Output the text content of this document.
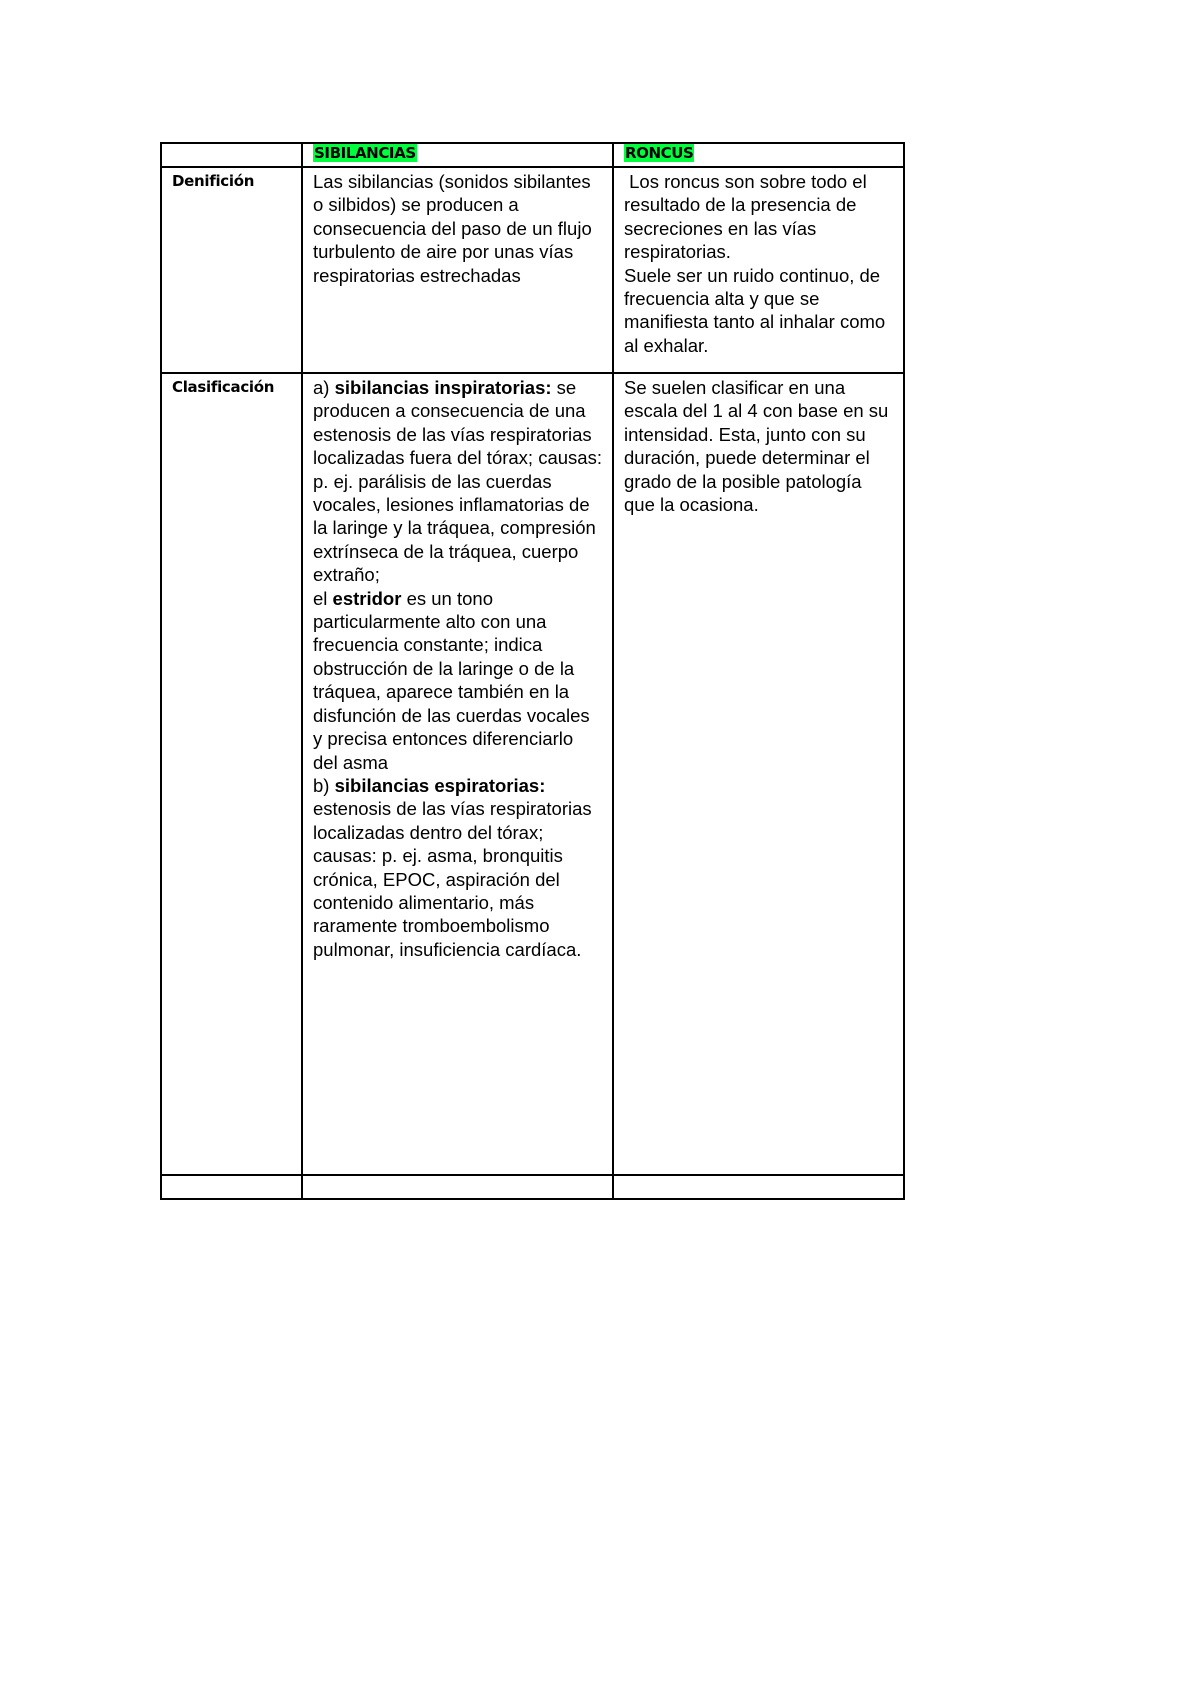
	SIBILANCIAS	RONCUS

Denifición	Las sibilancias (sonidos sibilantes o silbidos) se producen a consecuencia del paso de un flujo turbulento de aire por unas vías respiratorias estrechadas	Los roncus son sobre todo el resultado de la presencia de secreciones en las vías respiratorias.
Suele ser un ruido continuo, de frecuencia alta y que se manifiesta tanto al inhalar como al exhalar.

Clasificación	a) sibilancias inspiratorias: se producen a consecuencia de una estenosis de las vías respiratorias localizadas fuera del tórax; causas: p. ej. parálisis de las cuerdas vocales, lesiones inflamatorias de la laringe y la tráquea, compresión extrínseca de la tráquea, cuerpo extraño;
el estridor es un tono particularmente alto con una frecuencia constante; indica obstrucción de la laringe o de la tráquea, aparece también en la disfunción de las cuerdas vocales y precisa entonces diferenciarlo del asma
b) sibilancias espiratorias: estenosis de las vías respiratorias localizadas dentro del tórax; causas: p. ej. asma, bronquitis crónica, EPOC, aspiración del contenido alimentario, más raramente tromboembolismo pulmonar, insuficiencia cardíaca.	Se suelen clasificar en una escala del 1 al 4 con base en su intensidad. Esta, junto con su duración, puede determinar el grado de la posible patología que la ocasiona.
